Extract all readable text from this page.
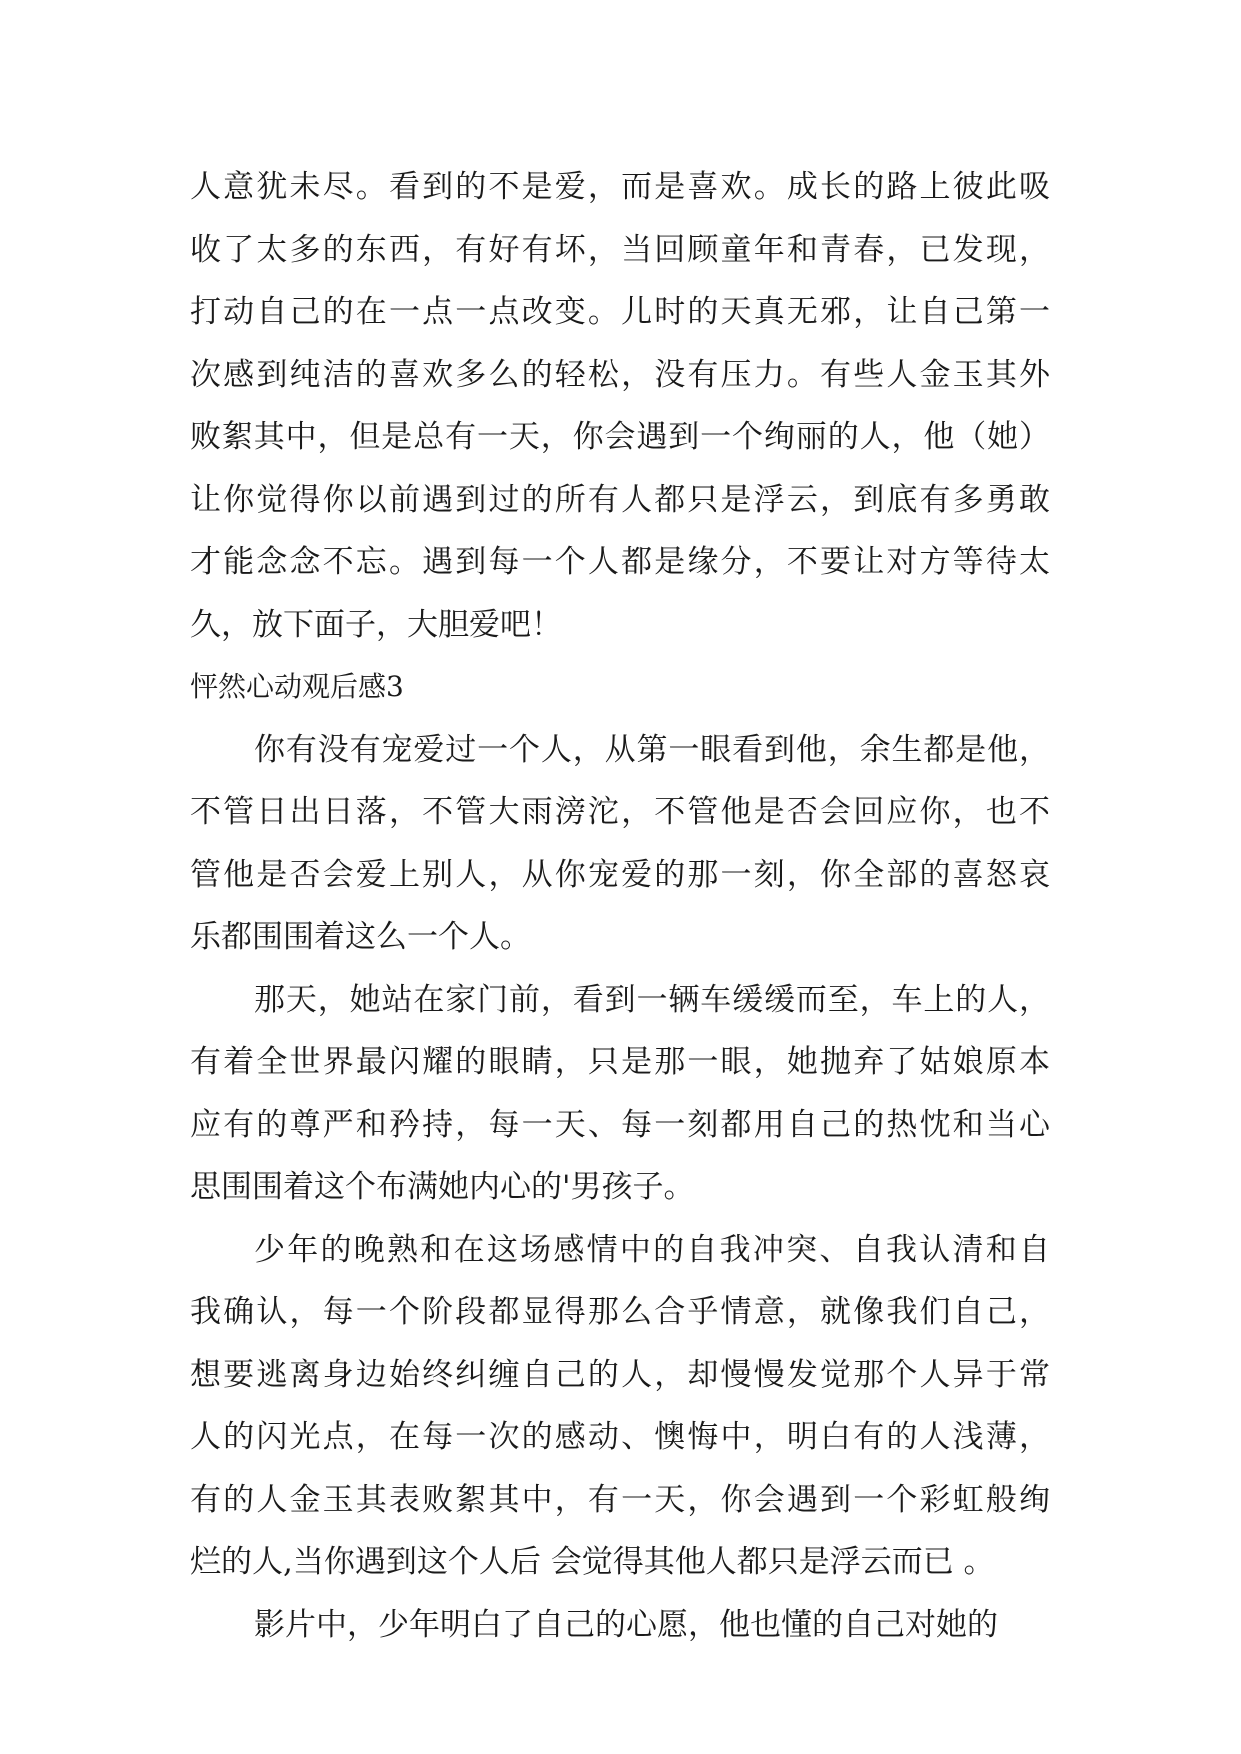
人意犹未尽。看到的不是爱，而是喜欢。成长的路上彼此吸
收了太多的东西，有好有坏，当回顾童年和青春，已发现，
打动自己的在一点一点改变。儿时的天真无邪，让自己第一
次感到纯洁的喜欢多么的轻松，没有压力。有些人金玉其外
败絮其中，但是总有一天，你会遇到一个绚丽的人，他（她）
让你觉得你以前遇到过的所有人都只是浮云，到底有多勇敢
才能念念不忘。遇到每一个人都是缘分，不要让对方等待太
久，放下面子，大胆爱吧！
怦然心动观后感3
你有没有宠爱过一个人，从第一眼看到他，余生都是他，
不管日出日落，不管大雨滂沱，不管他是否会回应你，也不
管他是否会爱上别人，从你宠爱的那一刻，你全部的喜怒哀
乐都围围着这么一个人。
那天，她站在家门前，看到一辆车缓缓而至，车上的人，
有着全世界最闪耀的眼睛，只是那一眼，她抛弃了姑娘原本
应有的尊严和矜持，每一天、每一刻都用自己的热忱和当心
思围围着这个布满她内心的'男孩子。
少年的晚熟和在这场感情中的自我冲突、自我认清和自
我确认，每一个阶段都显得那么合乎情意，就像我们自己，
想要逃离身边始终纠缠自己的人，却慢慢发觉那个人异于常
人的闪光点，在每一次的感动、懊悔中，明白有的人浅薄，
有的人金玉其表败絮其中，有一天，你会遇到一个彩虹般绚
烂的人,当你遇到这个人后 会觉得其他人都只是浮云而已 。
影片中，少年明白了自己的心愿，他也懂的自己对她的
